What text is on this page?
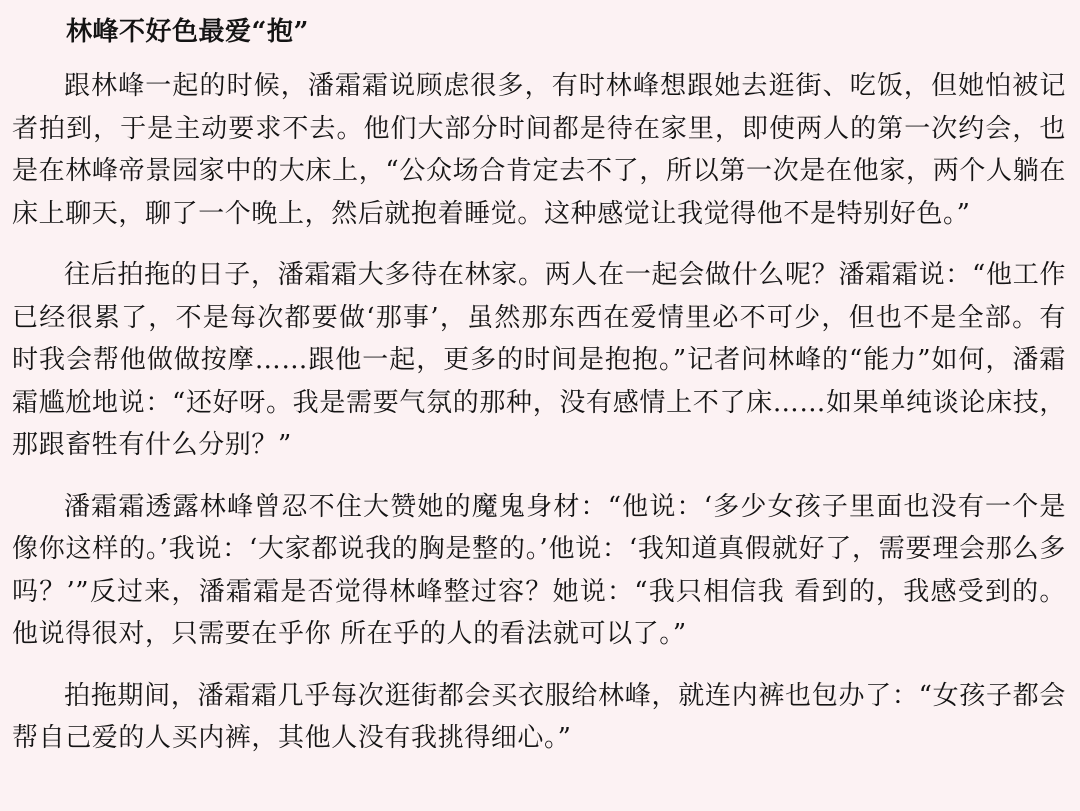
林峰不好色最爱“抱”

跟林峰一起的时候，潘霜霜说顾虑很多，有时林峰想跟她去逛街、吃饭，但她怕被记者拍到，于是主动要求不去。他们大部分时间都是待在家里，即使两人的第一次约会，也是在林峰帝景园家中的大床上，“公众场合肯定去不了，所以第一次是在他家，两个人躺在床上聊天，聊了一个晚上，然后就抱着睡觉。这种感觉让我觉得他不是特别好色。”

往后拍拖的日子，潘霜霜大多待在林家。两人在一起会做什么呢？潘霜霜说：“他工作已经很累了，不是每次都要做‘那事’，虽然那东西在爱情里必不可少，但也不是全部。有时我会帮他做做按摩……跟他一起，更多的时间是抱抱。”记者问林峰的“能力”如何，潘霜霜尴尬地说：“还好呀。我是需要气氛的那种，没有感情上不了床……如果单纯谈论床技，那跟畜牲有什么分别？”

潘霜霜透露林峰曾忍不住大赞她的魔鬼身材：“他说：‘多少女孩子里面也没有一个是像你这样的。’我说：‘大家都说我的胸是整的。’他说：‘我知道真假就好了，需要理会那么多吗？’”反过来，潘霜霜是否觉得林峰整过容？她说：“我只相信我 看到的，我感受到的。他说得很对，只需要在乎你 所在乎的人的看法就可以了。”

拍拖期间，潘霜霜几乎每次逛街都会买衣服给林峰，就连内裤也包办了：“女孩子都会帮自己爱的人买内裤，其他人没有我挑得细心。”
